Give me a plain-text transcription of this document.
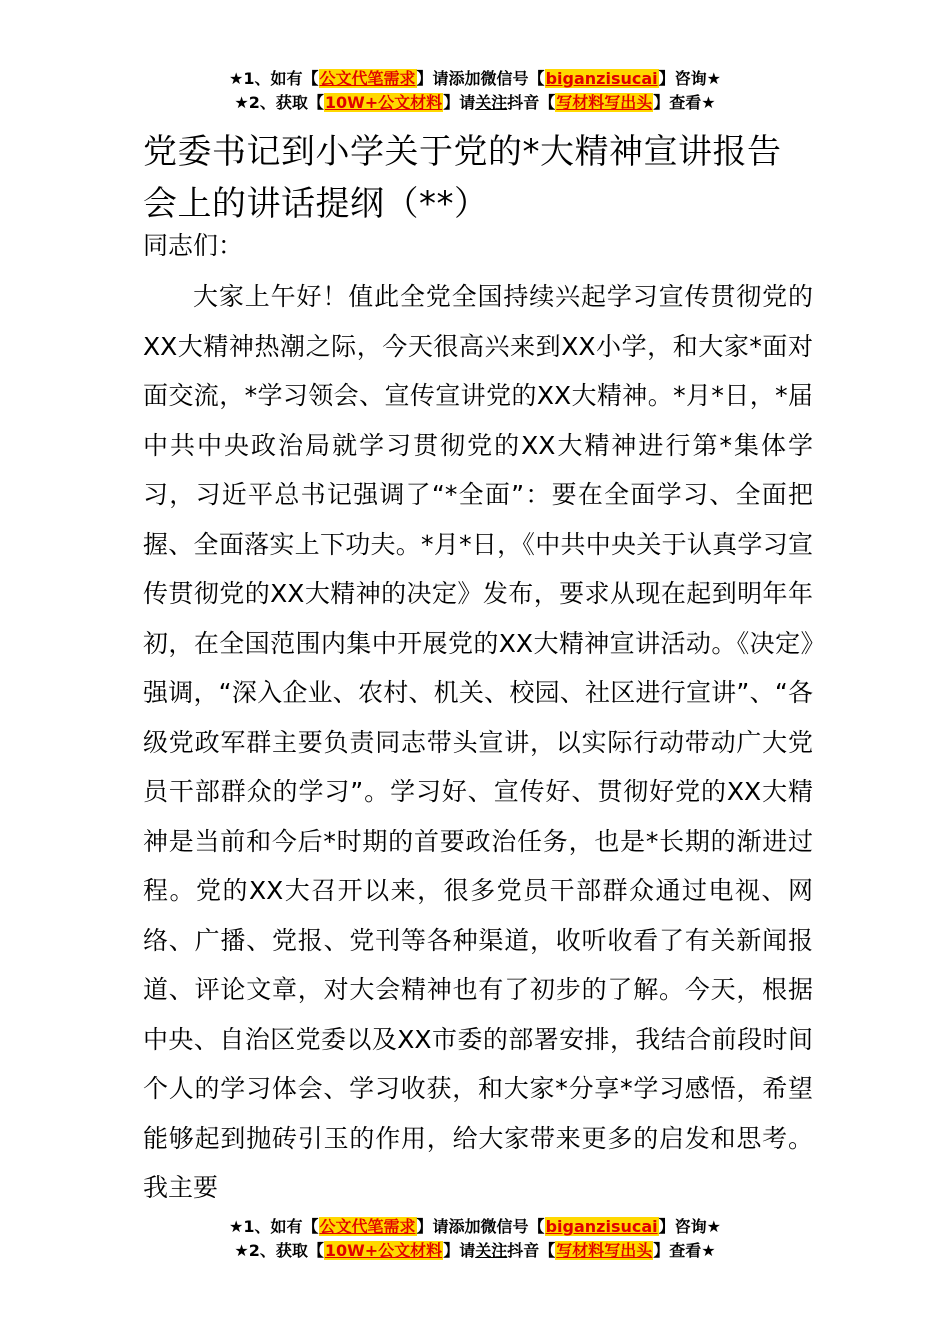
★1、如有【公文代笔需求】请添加微信号【biganzisucai】咨询★
★2、获取【10W+公文材料】请关注抖音【写材料写出头】查看★
党委书记到小学关于党的*大精神宣讲报告会上的讲话提纲（**）
同志们：
大家上午好！值此全党全国持续兴起学习宣传贯彻党的XX大精神热潮之际，今天很高兴来到XX小学，和大家*面对面交流，*学习领会、宣传宣讲党的XX大精神。*月*日，*届中共中央政治局就学习贯彻党的XX大精神进行第*集体学习，习近平总书记强调了“*全面”：要在全面学习、全面把握、全面落实上下功夫。*月*日，《中共中央关于认真学习宣传贯彻党的XX大精神的决定》发布，要求从现在起到明年年初，在全国范围内集中开展党的XX大精神宣讲活动。《决定》强调，“深入企业、农村、机关、校园、社区进行宣讲”、“各级党政军群主要负责同志带头宣讲，以实际行动带动广大党员干部群众的学习”。学习好、宣传好、贯彻好党的XX大精神是当前和今后*时期的首要政治任务，也是*长期的渐进过程。党的XX大召开以来，很多党员干部群众通过电视、网络、广播、党报、党刊等各种渠道，收听收看了有关新闻报道、评论文章，对大会精神也有了初步的了解。今天，根据中央、自治区党委以及XX市委的部署安排，我结合前段时间个人的学习体会、学习收获，和大家*分享*学习感悟，希望能够起到抛砖引玉的作用，给大家带来更多的启发和思考。我主要
★1、如有【公文代笔需求】请添加微信号【biganzisucai】咨询★
★2、获取【10W+公文材料】请关注抖音【写材料写出头】查看★
